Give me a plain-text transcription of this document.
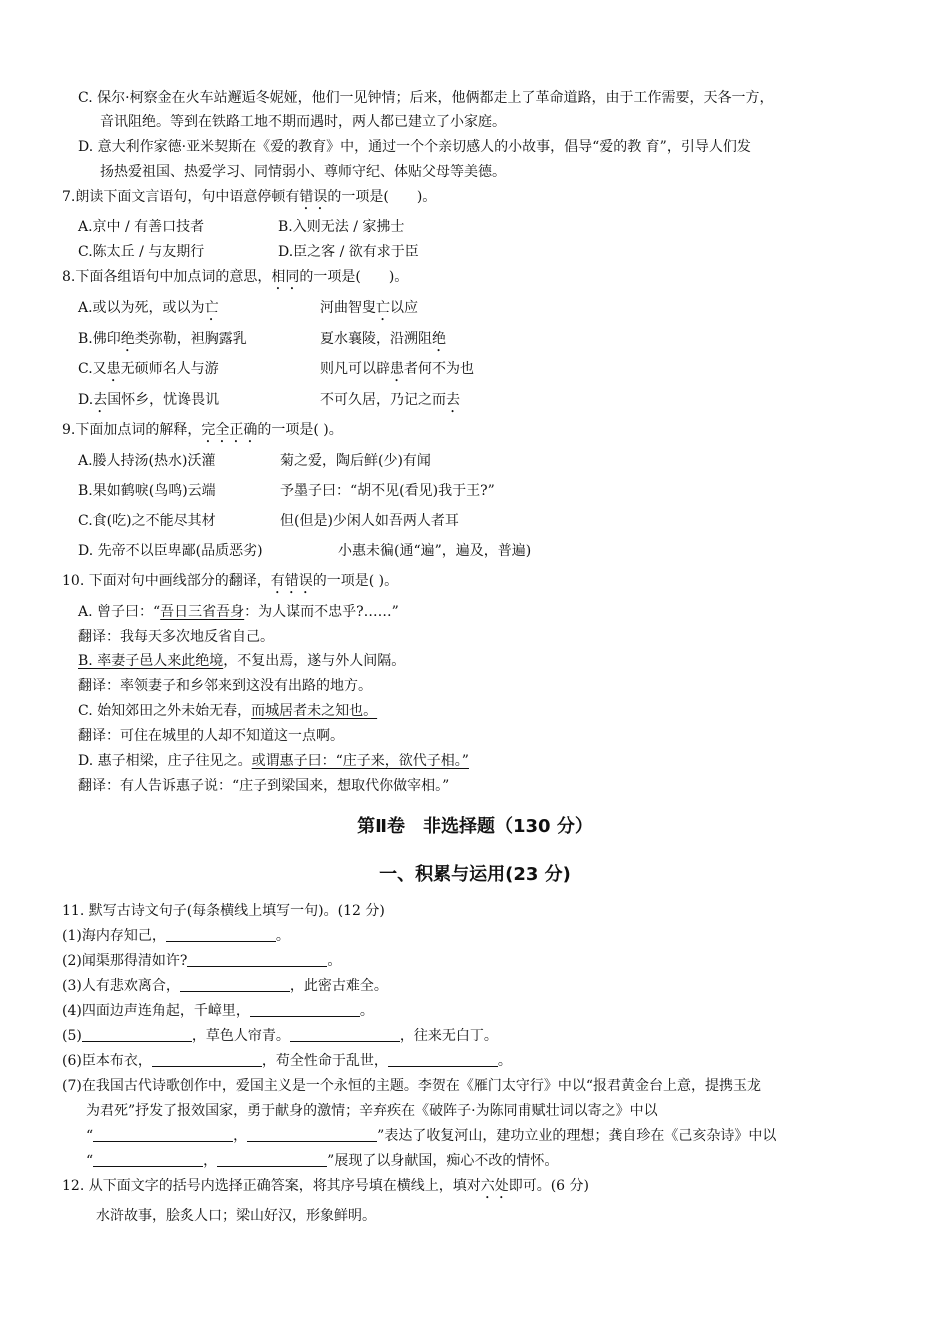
C. 保尔·柯察金在火车站邂逅冬妮娅，他们一见钟情；后来，他俩都走上了革命道路，由于工作需要，天各一方，
音讯阻绝。等到在铁路工地不期而遇时，两人都已建立了小家庭。
D. 意大利作家德·亚米契斯在《爱的教育》中，通过一个个亲切感人的小故事，倡导“爱的教 育”，引导人们发
扬热爱祖国、热爱学习、同情弱小、尊师守纪、体贴父母等美德。
7.朗读下面文言语句，句中语意停顿有错误的一项是(　　)。
A.京中 / 有善口技者	B.入则无法 / 家拂士
C.陈太丘 / 与友期行	D.臣之客 / 欲有求于臣
8.下面各组语句中加点词的意思，相同的一项是(　　)。
A.或以为死，或以为亡	河曲智叟亡以应
B.佛印绝类弥勒，袒胸露乳	夏水襄陵，沿溯阻绝
C.又患无硕师名人与游	则凡可以辟患者何不为也
D.去国怀乡，忧谗畏讥	不可久居，乃记之而去
9.下面加点词的解释，完全正确的一项是( )。
A.媵人持汤(热水)沃灌	菊之爱，陶后鲜(少)有闻
B.果如鹤唳(鸟鸣)云端	予墨子曰：“胡不见(看见)我于王?”
C.食(吃)之不能尽其材	但(但是)少闲人如吾两人者耳
D. 先帝不以臣卑鄙(品质恶劣)	小惠未徧(通“遍”，遍及，普遍)
10. 下面对句中画线部分的翻译，有错误的一项是( )。
A. 曾子曰：“吾日三省吾身：为人谋而不忠乎?……”
翻译：我每天多次地反省自己。
B. 率妻子邑人来此绝境，不复出焉，遂与外人间隔。
翻译：率领妻子和乡邻来到这没有出路的地方。
C. 始知郊田之外未始无春，而城居者未之知也。
翻译：可住在城里的人却不知道这一点啊。
D. 惠子相梁，庄子往见之。或谓惠子曰：“庄子来，欲代子相。”
翻译：有人告诉惠子说：“庄子到梁国来，想取代你做宰相。”
第Ⅱ卷　非选择题（130 分）
一、积累与运用(23 分)
11. 默写古诗文句子(每条横线上填写一句)。(12 分)
(1)海内存知己，	。
(2)闻渠那得清如许?	。
(3)人有悲欢离合，	，此密古难全。
(4)四面边声连角起，千嶂里，	。
(5)	，草色人帘青。	，往来无白丁。
(6)臣本布衣，	，苟全性命于乱世，	。
(7)在我国古代诗歌创作中，爱国主义是一个永恒的主题。李贺在《雁门太守行》中以“报君黄金台上意，提携玉龙
为君死”抒发了报效国家，勇于献身的激情；辛弃疾在《破阵子·为陈同甫赋壮词以寄之》中以
“	，	”表达了收复河山，建功立业的理想；龚自珍在《己亥杂诗》中以
“	，	”展现了以身献国，痴心不改的情怀。
12. 从下面文字的括号内选择正确答案，将其序号填在横线上，填对六处即可。(6 分)
水浒故事，脍炙人口；梁山好汉，形象鲜明。
